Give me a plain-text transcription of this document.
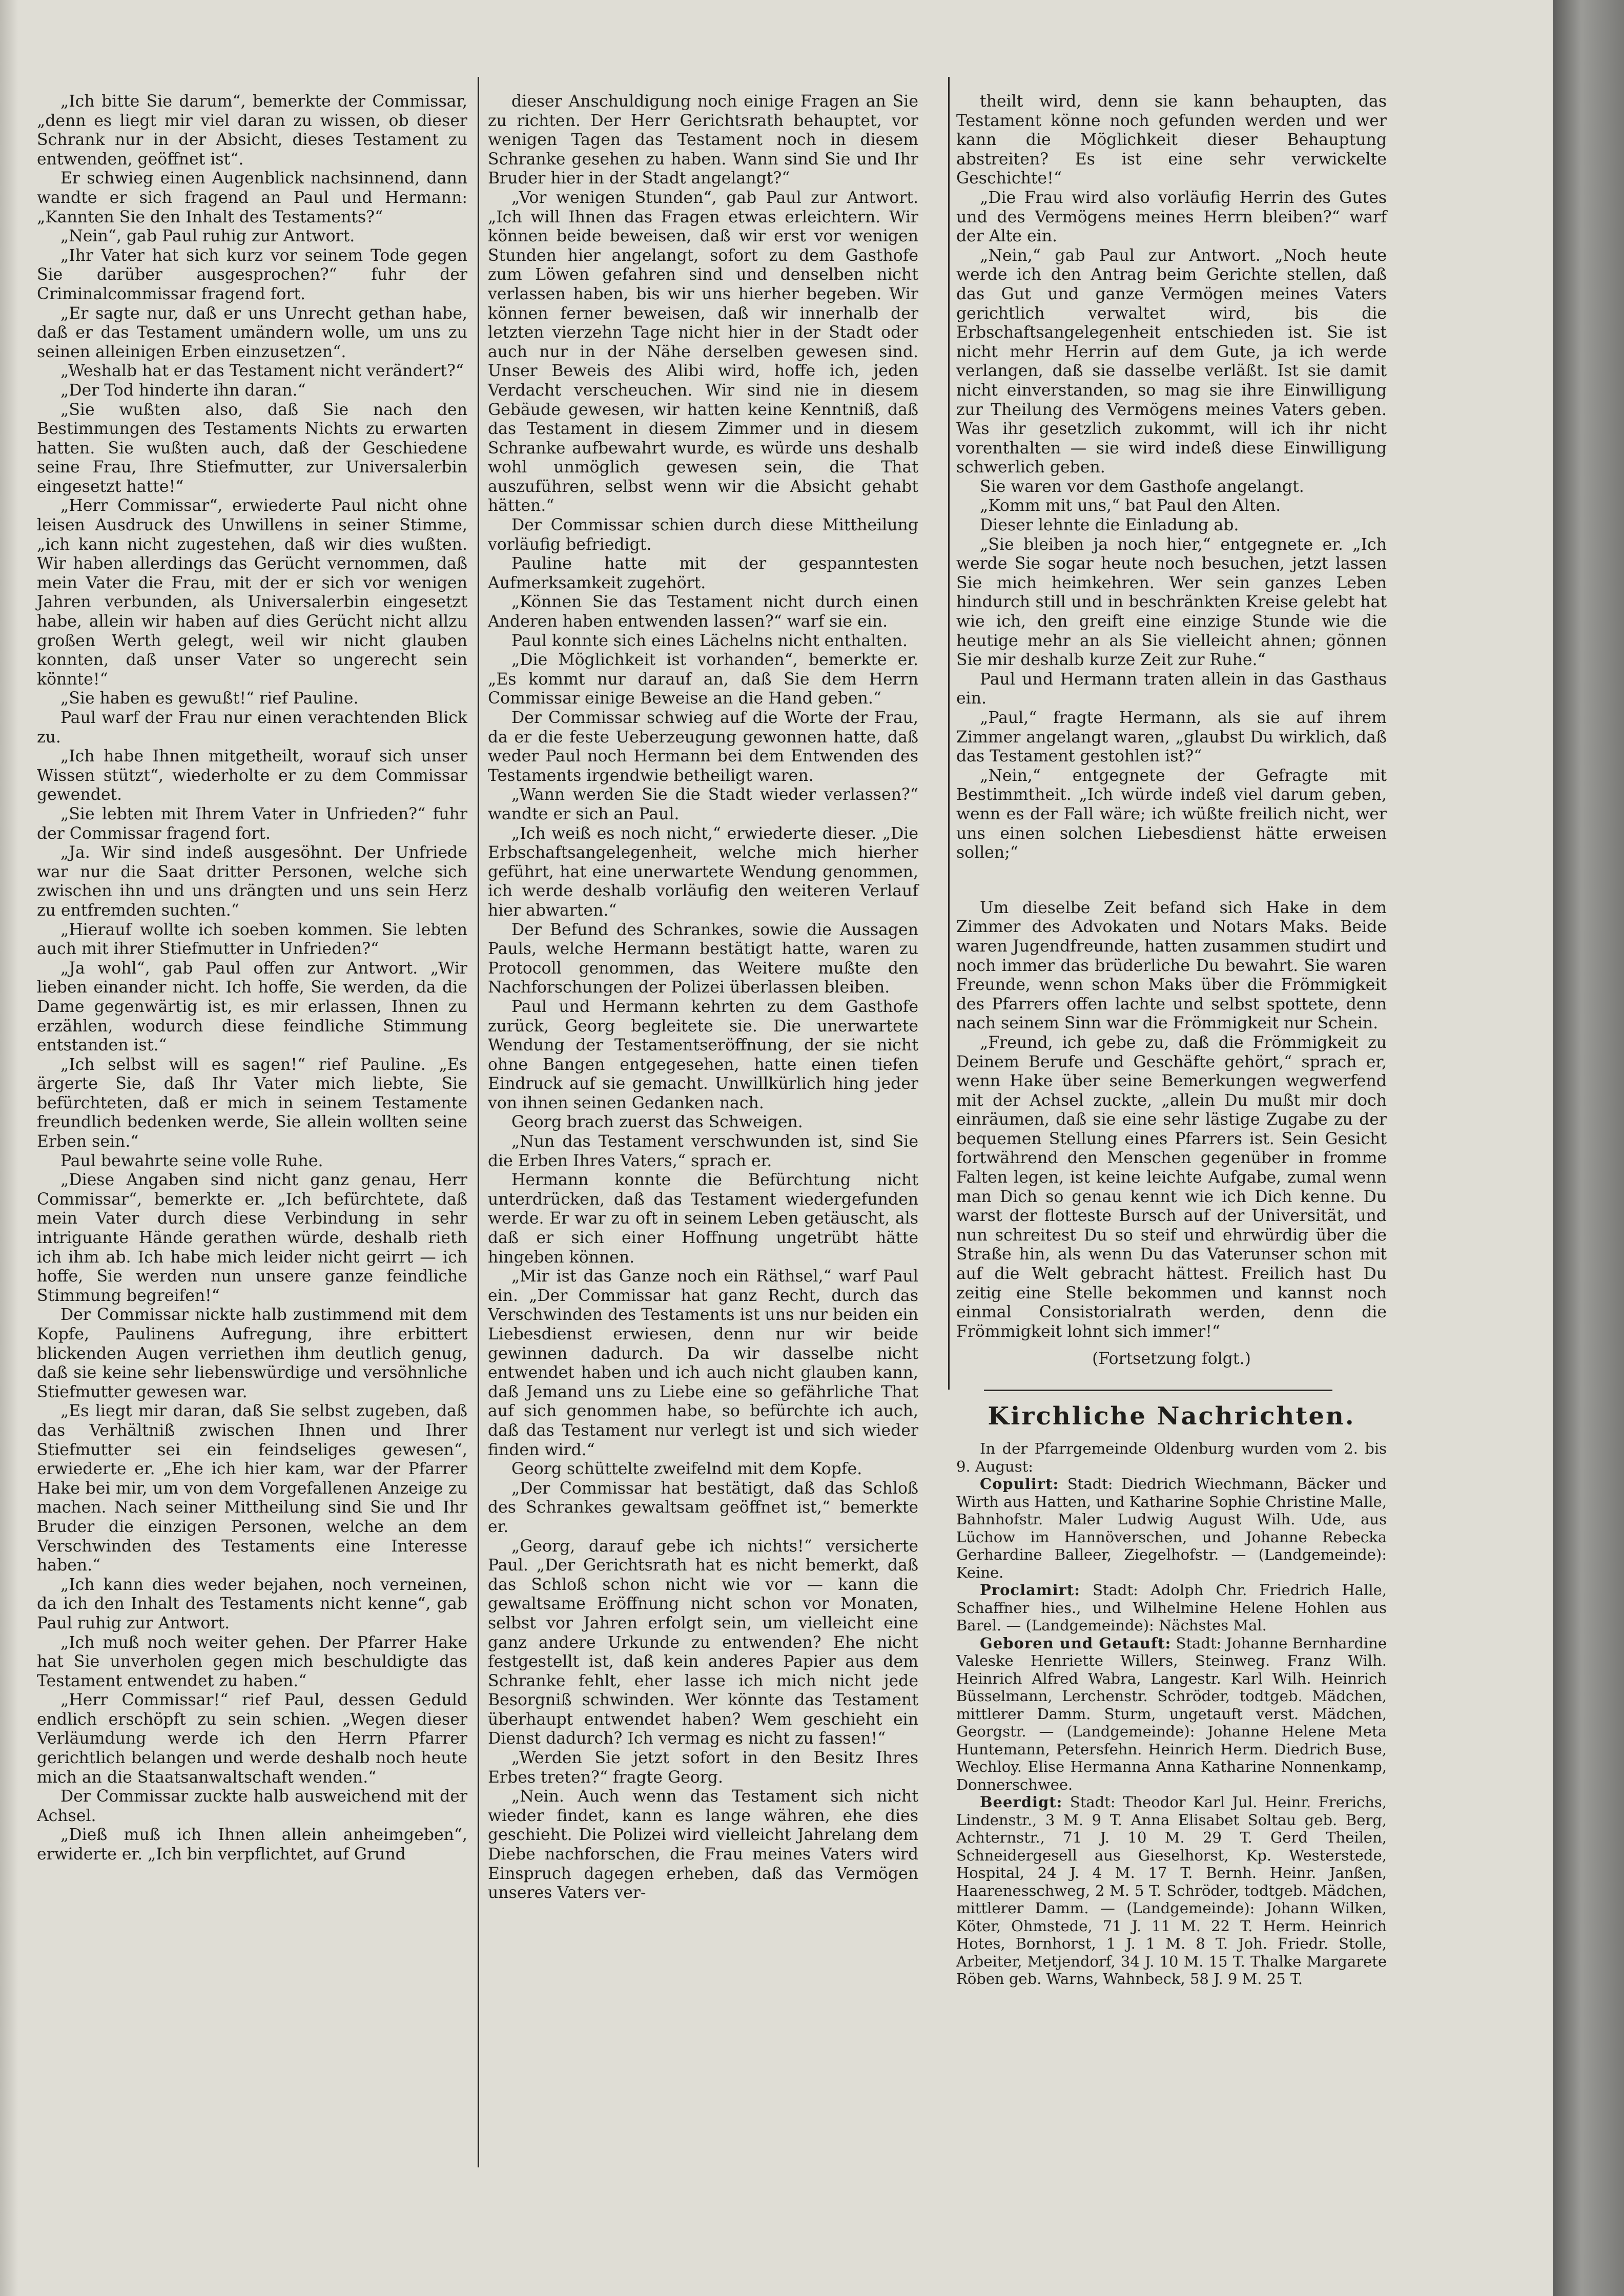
„Ich bitte Sie darum“, bemerkte der Commissar, „denn es liegt mir viel daran zu wissen, ob dieser Schrank nur in der Absicht, dieses Testament zu entwenden, geöffnet ist“.

Er schwieg einen Augenblick nachsinnend, dann wandte er sich fragend an Paul und Hermann: „Kannten Sie den Inhalt des Testaments?“

„Nein“, gab Paul ruhig zur Antwort.

„Ihr Vater hat sich kurz vor seinem Tode gegen Sie darüber ausgesprochen?“ fuhr der Criminalcommissar fragend fort.

„Er sagte nur, daß er uns Unrecht gethan habe, daß er das Testament umändern wolle, um uns zu seinen alleinigen Erben einzusetzen“.

„Weshalb hat er das Testament nicht verändert?“

„Der Tod hinderte ihn daran.“

„Sie wußten also, daß Sie nach den Bestimmungen des Testaments Nichts zu erwarten hatten. Sie wußten auch, daß der Geschiedene seine Frau, Ihre Stiefmutter, zur Universalerbin eingesetzt hatte!“

„Herr Commissar“, erwiederte Paul nicht ohne leisen Ausdruck des Unwillens in seiner Stimme, „ich kann nicht zugestehen, daß wir dies wußten. Wir haben allerdings das Gerücht vernommen, daß mein Vater die Frau, mit der er sich vor wenigen Jahren verbunden, als Universalerbin eingesetzt habe, allein wir haben auf dies Gerücht nicht allzu großen Werth gelegt, weil wir nicht glauben konnten, daß unser Vater so ungerecht sein könnte!“

„Sie haben es gewußt!“ rief Pauline.

Paul warf der Frau nur einen verachtenden Blick zu.

„Ich habe Ihnen mitgetheilt, worauf sich unser Wissen stützt“, wiederholte er zu dem Commissar gewendet.

„Sie lebten mit Ihrem Vater in Unfrieden?“ fuhr der Commissar fragend fort.

„Ja. Wir sind indeß ausgesöhnt. Der Unfriede war nur die Saat dritter Personen, welche sich zwischen ihn und uns drängten und uns sein Herz zu entfremden suchten.“

„Hierauf wollte ich soeben kommen. Sie lebten auch mit ihrer Stiefmutter in Unfrieden?“

„Ja wohl“, gab Paul offen zur Antwort. „Wir lieben einander nicht. Ich hoffe, Sie werden, da die Dame gegenwärtig ist, es mir erlassen, Ihnen zu erzählen, wodurch diese feindliche Stimmung entstanden ist.“

„Ich selbst will es sagen!“ rief Pauline. „Es ärgerte Sie, daß Ihr Vater mich liebte, Sie befürchteten, daß er mich in seinem Testamente freundlich bedenken werde, Sie allein wollten seine Erben sein.“

Paul bewahrte seine volle Ruhe.

„Diese Angaben sind nicht ganz genau, Herr Commissar“, bemerkte er. „Ich befürchtete, daß mein Vater durch diese Verbindung in sehr intriguante Hände gerathen würde, deshalb rieth ich ihm ab. Ich habe mich leider nicht geirrt — ich hoffe, Sie werden nun unsere ganze feindliche Stimmung begreifen!“

Der Commissar nickte halb zustimmend mit dem Kopfe, Paulinens Aufregung, ihre erbittert blickenden Augen verriethen ihm deutlich genug, daß sie keine sehr liebenswürdige und versöhnliche Stiefmutter gewesen war.

„Es liegt mir daran, daß Sie selbst zugeben, daß das Verhältniß zwischen Ihnen und Ihrer Stiefmutter sei ein feindseliges gewesen“, erwiederte er. „Ehe ich hier kam, war der Pfarrer Hake bei mir, um von dem Vorgefallenen Anzeige zu machen. Nach seiner Mittheilung sind Sie und Ihr Bruder die einzigen Personen, welche an dem Verschwinden des Testaments eine Interesse haben.“

„Ich kann dies weder bejahen, noch verneinen, da ich den Inhalt des Testaments nicht kenne“, gab Paul ruhig zur Antwort.

„Ich muß noch weiter gehen. Der Pfarrer Hake hat Sie unverholen gegen mich beschuldigte das Testament entwendet zu haben.“

„Herr Commissar!“ rief Paul, dessen Geduld endlich erschöpft zu sein schien. „Wegen dieser Verläumdung werde ich den Herrn Pfarrer gerichtlich belangen und werde deshalb noch heute mich an die Staatsanwaltschaft wenden.“

Der Commissar zuckte halb ausweichend mit der Achsel.

„Dieß muß ich Ihnen allein anheimgeben“, erwiderte er. „Ich bin verpflichtet, auf Grund

dieser Anschuldigung noch einige Fragen an Sie zu richten. Der Herr Gerichtsrath behauptet, vor wenigen Tagen das Testament noch in diesem Schranke gesehen zu haben. Wann sind Sie und Ihr Bruder hier in der Stadt angelangt?“

„Vor wenigen Stunden“, gab Paul zur Antwort. „Ich will Ihnen das Fragen etwas erleichtern. Wir können beide beweisen, daß wir erst vor wenigen Stunden hier angelangt, sofort zu dem Gasthofe zum Löwen gefahren sind und denselben nicht verlassen haben, bis wir uns hierher begeben. Wir können ferner beweisen, daß wir innerhalb der letzten vierzehn Tage nicht hier in der Stadt oder auch nur in der Nähe derselben gewesen sind. Unser Beweis des Alibi wird, hoffe ich, jeden Verdacht verscheuchen. Wir sind nie in diesem Gebäude gewesen, wir hatten keine Kenntniß, daß das Testament in diesem Zimmer und in diesem Schranke aufbewahrt wurde, es würde uns deshalb wohl unmöglich gewesen sein, die That auszuführen, selbst wenn wir die Absicht gehabt hätten.“

Der Commissar schien durch diese Mittheilung vorläufig befriedigt.

Pauline hatte mit der gespanntesten Aufmerksamkeit zugehört.

„Können Sie das Testament nicht durch einen Anderen haben entwenden lassen?“ warf sie ein.

Paul konnte sich eines Lächelns nicht enthalten.

„Die Möglichkeit ist vorhanden“, bemerkte er. „Es kommt nur darauf an, daß Sie dem Herrn Commissar einige Beweise an die Hand geben.“

Der Commissar schwieg auf die Worte der Frau, da er die feste Ueberzeugung gewonnen hatte, daß weder Paul noch Hermann bei dem Entwenden des Testaments irgendwie betheiligt waren.

„Wann werden Sie die Stadt wieder verlassen?“ wandte er sich an Paul.

„Ich weiß es noch nicht,“ erwiederte dieser. „Die Erbschaftsangelegenheit, welche mich hierher geführt, hat eine unerwartete Wendung genommen, ich werde deshalb vorläufig den weiteren Verlauf hier abwarten.“

Der Befund des Schrankes, sowie die Aussagen Pauls, welche Hermann bestätigt hatte, waren zu Protocoll genommen, das Weitere mußte den Nachforschungen der Polizei überlassen bleiben.

Paul und Hermann kehrten zu dem Gasthofe zurück, Georg begleitete sie. Die unerwartete Wendung der Testamentseröffnung, der sie nicht ohne Bangen entgegesehen, hatte einen tiefen Eindruck auf sie gemacht. Unwillkürlich hing jeder von ihnen seinen Gedanken nach.

Georg brach zuerst das Schweigen.

„Nun das Testament verschwunden ist, sind Sie die Erben Ihres Vaters,“ sprach er.

Hermann konnte die Befürchtung nicht unterdrücken, daß das Testament wiedergefunden werde. Er war zu oft in seinem Leben getäuscht, als daß er sich einer Hoffnung ungetrübt hätte hingeben können.

„Mir ist das Ganze noch ein Räthsel,“ warf Paul ein. „Der Commissar hat ganz Recht, durch das Verschwinden des Testaments ist uns nur beiden ein Liebesdienst erwiesen, denn nur wir beide gewinnen dadurch. Da wir dasselbe nicht entwendet haben und ich auch nicht glauben kann, daß Jemand uns zu Liebe eine so gefährliche That auf sich genommen habe, so befürchte ich auch, daß das Testament nur verlegt ist und sich wieder finden wird.“

Georg schüttelte zweifelnd mit dem Kopfe.

„Der Commissar hat bestätigt, daß das Schloß des Schrankes gewaltsam geöffnet ist,“ bemerkte er.

„Georg, darauf gebe ich nichts!“ versicherte Paul. „Der Gerichtsrath hat es nicht bemerkt, daß das Schloß schon nicht wie vor — kann die gewaltsame Eröffnung nicht schon vor Monaten, selbst vor Jahren erfolgt sein, um vielleicht eine ganz andere Urkunde zu entwenden? Ehe nicht festgestellt ist, daß kein anderes Papier aus dem Schranke fehlt, eher lasse ich mich nicht jede Besorgniß schwinden. Wer könnte das Testament überhaupt entwendet haben? Wem geschieht ein Dienst dadurch? Ich vermag es nicht zu fassen!“

„Werden Sie jetzt sofort in den Besitz Ihres Erbes treten?“ fragte Georg.

„Nein. Auch wenn das Testament sich nicht wieder findet, kann es lange währen, ehe dies geschieht. Die Polizei wird vielleicht Jahrelang dem Diebe nachforschen, die Frau meines Vaters wird Einspruch dagegen erheben, daß das Vermögen unseres Vaters ver-

theilt wird, denn sie kann behaupten, das Testament könne noch gefunden werden und wer kann die Möglichkeit dieser Behauptung abstreiten? Es ist eine sehr verwickelte Geschichte!“

„Die Frau wird also vorläufig Herrin des Gutes und des Vermögens meines Herrn bleiben?“ warf der Alte ein.

„Nein,“ gab Paul zur Antwort. „Noch heute werde ich den Antrag beim Gerichte stellen, daß das Gut und ganze Vermögen meines Vaters gerichtlich verwaltet wird, bis die Erbschaftsangelegenheit entschieden ist. Sie ist nicht mehr Herrin auf dem Gute, ja ich werde verlangen, daß sie dasselbe verläßt. Ist sie damit nicht einverstanden, so mag sie ihre Einwilligung zur Theilung des Vermögens meines Vaters geben. Was ihr gesetzlich zukommt, will ich ihr nicht vorenthalten — sie wird indeß diese Einwilligung schwerlich geben.

Sie waren vor dem Gasthofe angelangt.

„Komm mit uns,“ bat Paul den Alten.

Dieser lehnte die Einladung ab.

„Sie bleiben ja noch hier,“ entgegnete er. „Ich werde Sie sogar heute noch besuchen, jetzt lassen Sie mich heimkehren. Wer sein ganzes Leben hindurch still und in beschränkten Kreise gelebt hat wie ich, den greift eine einzige Stunde wie die heutige mehr an als Sie vielleicht ahnen; gönnen Sie mir deshalb kurze Zeit zur Ruhe.“

Paul und Hermann traten allein in das Gasthaus ein.

„Paul,“ fragte Hermann, als sie auf ihrem Zimmer angelangt waren, „glaubst Du wirklich, daß das Testament gestohlen ist?“

„Nein,“ entgegnete der Gefragte mit Bestimmtheit. „Ich würde indeß viel darum geben, wenn es der Fall wäre; ich wüßte freilich nicht, wer uns einen solchen Liebesdienst hätte erweisen sollen;“

Um dieselbe Zeit befand sich Hake in dem Zimmer des Advokaten und Notars Maks. Beide waren Jugendfreunde, hatten zusammen studirt und noch immer das brüderliche Du bewahrt. Sie waren Freunde, wenn schon Maks über die Frömmigkeit des Pfarrers offen lachte und selbst spottete, denn nach seinem Sinn war die Frömmigkeit nur Schein.

„Freund, ich gebe zu, daß die Frömmigkeit zu Deinem Berufe und Geschäfte gehört,“ sprach er, wenn Hake über seine Bemerkungen wegwerfend mit der Achsel zuckte, „allein Du mußt mir doch einräumen, daß sie eine sehr lästige Zugabe zu der bequemen Stellung eines Pfarrers ist. Sein Gesicht fortwährend den Menschen gegenüber in fromme Falten legen, ist keine leichte Aufgabe, zumal wenn man Dich so genau kennt wie ich Dich kenne. Du warst der flotteste Bursch auf der Universität, und nun schreitest Du so steif und ehrwürdig über die Straße hin, als wenn Du das Vaterunser schon mit auf die Welt gebracht hättest. Freilich hast Du zeitig eine Stelle bekommen und kannst noch einmal Consistorialrath werden, denn die Frömmigkeit lohnt sich immer!“

(Fortsetzung folgt.)

Kirchliche Nachrichten.

In der Pfarrgemeinde Oldenburg wurden vom 2. bis 9. August:

Copulirt: Stadt: Diedrich Wiechmann, Bäcker und Wirth aus Hatten, und Katharine Sophie Christine Malle, Bahnhofstr. Maler Ludwig August Wilh. Ude, aus Lüchow im Hannöverschen, und Johanne Rebecka Gerhardine Balleer, Ziegelhofstr. — (Landgemeinde): Keine.

Proclamirt: Stadt: Adolph Chr. Friedrich Halle, Schaffner hies., und Wilhelmine Helene Hohlen aus Barel. — (Landgemeinde): Nächstes Mal.

Geboren und Getauft: Stadt: Johanne Bernhardine Valeske Henriette Willers, Steinweg. Franz Wilh. Heinrich Alfred Wabra, Langestr. Karl Wilh. Heinrich Büsselmann, Lerchenstr. Schröder, todtgeb. Mädchen, mittlerer Damm. Sturm, ungetauft verst. Mädchen, Georgstr. — (Landgemeinde): Johanne Helene Meta Huntemann, Petersfehn. Heinrich Herm. Diedrich Buse, Wechloy. Elise Hermanna Anna Katharine Nonnenkamp, Donnerschwee.

Beerdigt: Stadt: Theodor Karl Jul. Heinr. Frerichs, Lindenstr., 3 M. 9 T. Anna Elisabet Soltau geb. Berg, Achternstr., 71 J. 10 M. 29 T. Gerd Theilen, Schneidergesell aus Gieselhorst, Kp. Westerstede, Hospital, 24 J. 4 M. 17 T. Bernh. Heinr. Janßen, Haarenesschweg, 2 M. 5 T. Schröder, todtgeb. Mädchen, mittlerer Damm. — (Landgemeinde): Johann Wilken, Köter, Ohmstede, 71 J. 11 M. 22 T. Herm. Heinrich Hotes, Bornhorst, 1 J. 1 M. 8 T. Joh. Friedr. Stolle, Arbeiter, Metjendorf, 34 J. 10 M. 15 T. Thalke Margarete Röben geb. Warns, Wahnbeck, 58 J. 9 M. 25 T.
